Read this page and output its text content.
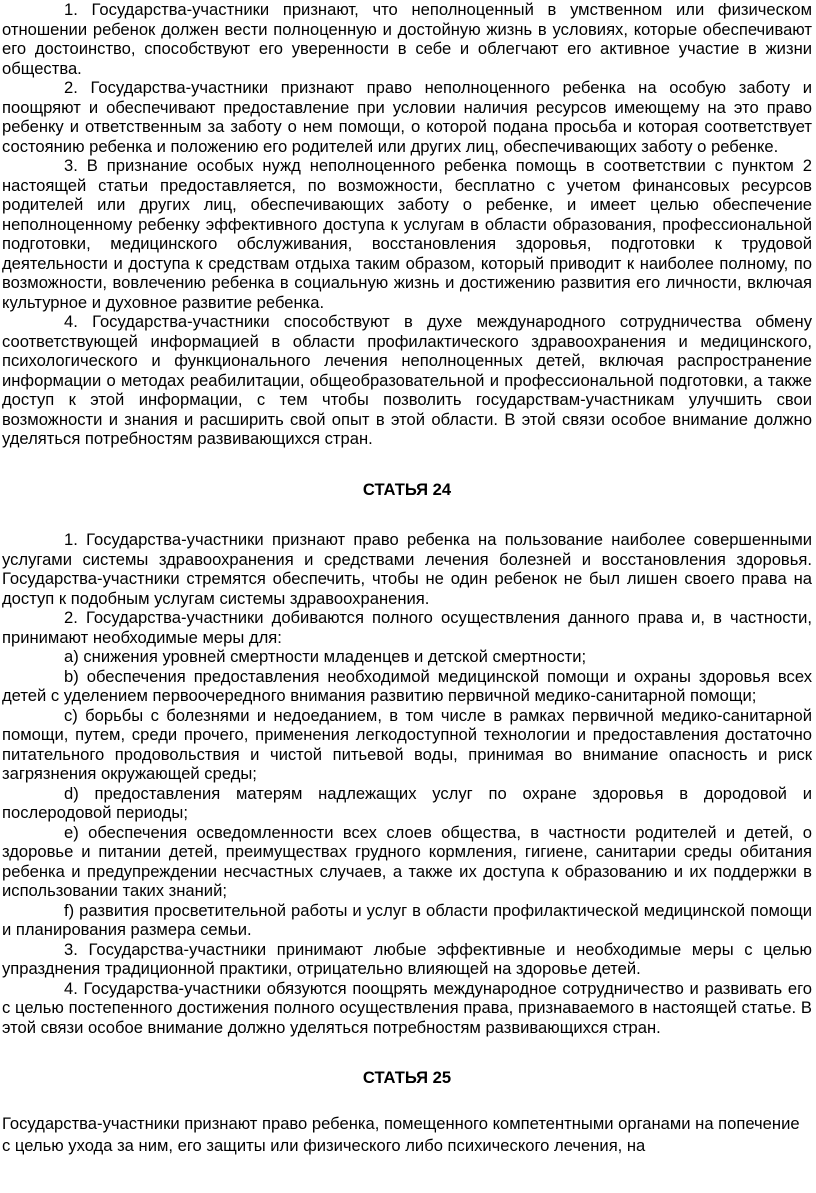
1. Государства-участники признают, что неполноценный в умственном или физическом отношении ребенок должен вести полноценную и достойную жизнь в условиях, которые обеспечивают его достоинство, способствуют его уверенности в себе и облегчают его активное участие в жизни общества.

2. Государства-участники признают право неполноценного ребенка на особую заботу и поощряют и обеспечивают предоставление при условии наличия ресурсов имеющему на это право ребенку и ответственным за заботу о нем помощи, о которой подана просьба и которая соответствует состоянию ребенка и положению его родителей или других лиц, обеспечивающих заботу о ребенке.

3. В признание особых нужд неполноценного ребенка помощь в соответствии с пунктом 2 настоящей статьи предоставляется, по возможности, бесплатно с учетом финансовых ресурсов родителей или других лиц, обеспечивающих заботу о ребенке, и имеет целью обеспечение неполноценному ребенку эффективного доступа к услугам в области образования, профессиональной подготовки, медицинского обслуживания, восстановления здоровья, подготовки к трудовой деятельности и доступа к средствам отдыха таким образом, который приводит к наиболее полному, по возможности, вовлечению ребенка в социальную жизнь и достижению развития его личности, включая культурное и духовное развитие ребенка.

4. Государства-участники способствуют в духе международного сотрудничества обмену соответствующей информацией в области профилактического здравоохранения и медицинского, психологического и функционального лечения неполноценных детей, включая распространение информации о методах реабилитации, общеобразовательной и профессиональной подготовки, а также доступ к этой информации, с тем чтобы позволить государствам-участникам улучшить свои возможности и знания и расширить свой опыт в этой области. В этой связи особое внимание должно уделяться потребностям развивающихся стран.

СТАТЬЯ 24

1. Государства-участники признают право ребенка на пользование наиболее совершенными услугами системы здравоохранения и средствами лечения болезней и восстановления здоровья. Государства-участники стремятся обеспечить, чтобы не один ребенок не был лишен своего права на доступ к подобным услугам системы здравоохранения.

2. Государства-участники добиваются полного осуществления данного права и, в частности, принимают необходимые меры для:

а) снижения уровней смертности младенцев и детской смертности;

b) обеспечения предоставления необходимой медицинской помощи и охраны здоровья всех детей с уделением первоочередного внимания развитию первичной медико-санитарной помощи;

с) борьбы с болезнями и недоеданием, в том числе в рамках первичной медико-санитарной помощи, путем, среди прочего, применения легкодоступной технологии и предоставления достаточно питательного продовольствия и чистой питьевой воды, принимая во внимание опасность и риск загрязнения окружающей среды;

d) предоставления матерям надлежащих услуг по охране здоровья в дородовой и послеродовой периоды;

е) обеспечения осведомленности всех слоев общества, в частности родителей и детей, о здоровье и питании детей, преимуществах грудного кормления, гигиене, санитарии среды обитания ребенка и предупреждении несчастных случаев, а также их доступа к образованию и их поддержки в использовании таких знаний;

f) развития просветительной работы и услуг в области профилактической медицинской помощи и планирования размера семьи.

3. Государства-участники принимают любые эффективные и необходимые меры с целью упразднения традиционной практики, отрицательно влияющей на здоровье детей.

4. Государства-участники обязуются поощрять международное сотрудничество и развивать его с целью постепенного достижения полного осуществления права, признаваемого в настоящей статье. В этой связи особое внимание должно уделяться потребностям развивающихся стран.

СТАТЬЯ 25

Государства-участники признают право ребенка, помещенного компетентными органами на попечение с целью ухода за ним, его защиты или физического либо психического лечения, на
